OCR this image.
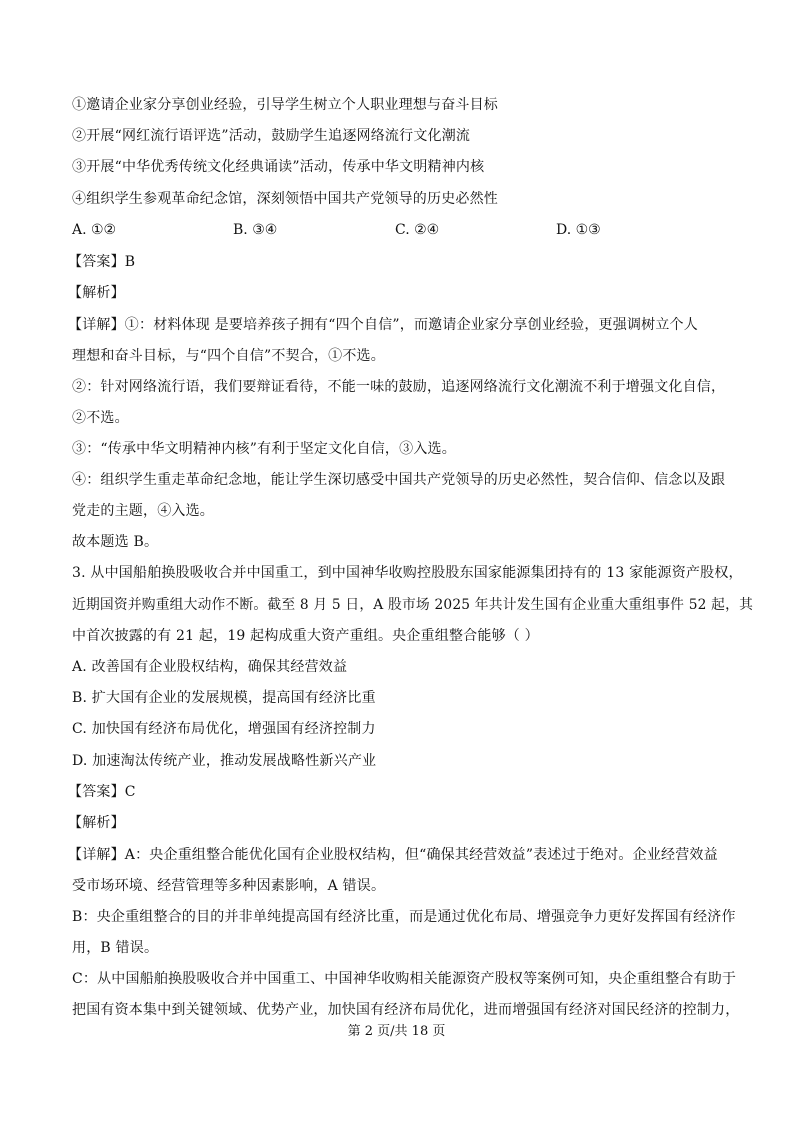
①邀请企业家分享创业经验，引导学生树立个人职业理想与奋斗目标
②开展“网红流行语评选”活动，鼓励学生追逐网络流行文化潮流
③开展“中华优秀传统文化经典诵读”活动，传承中华文明精神内核
④组织学生参观革命纪念馆，深刻领悟中国共产党领导的历史必然性
A. ①②	B. ③④	C. ②④	D. ①③
【答案】B
【解析】
【详解】①：材料体现 是要培养孩子拥有“四个自信”，而邀请企业家分享创业经验，更强调树立个人
理想和奋斗目标，与“四个自信”不契合，①不选。
②：针对网络流行语，我们要辩证看待，不能一味的鼓励，追逐网络流行文化潮流不利于增强文化自信，
②不选。
③：“传承中华文明精神内核”有利于坚定文化自信，③入选。
④：组织学生重走革命纪念地，能让学生深切感受中国共产党领导的历史必然性，契合信仰、信念以及跟
党走的主题，④入选。
故本题选 B。
3. 从中国船舶换股吸收合并中国重工，到中国神华收购控股股东国家能源集团持有的 13 家能源资产股权，
近期国资并购重组大动作不断。截至 8 月 5 日，A 股市场 2025 年共计发生国有企业重大重组事件 52 起，其
中首次披露的有 21 起，19 起构成重大资产重组。央企重组整合能够（ ）
A. 改善国有企业股权结构，确保其经营效益
B. 扩大国有企业的发展规模，提高国有经济比重
C. 加快国有经济布局优化，增强国有经济控制力
D. 加速淘汰传统产业，推动发展战略性新兴产业
【答案】C
【解析】
【详解】A：央企重组整合能优化国有企业股权结构，但“确保其经营效益”表述过于绝对。企业经营效益
受市场环境、经营管理等多种因素影响，A 错误。
B：央企重组整合的目的并非单纯提高国有经济比重，而是通过优化布局、增强竞争力更好发挥国有经济作
用，B 错误。
C：从中国船舶换股吸收合并中国重工、中国神华收购相关能源资产股权等案例可知，央企重组整合有助于
把国有资本集中到关键领域、优势产业，加快国有经济布局优化，进而增强国有经济对国民经济的控制力，
第 2 页/共 18 页
